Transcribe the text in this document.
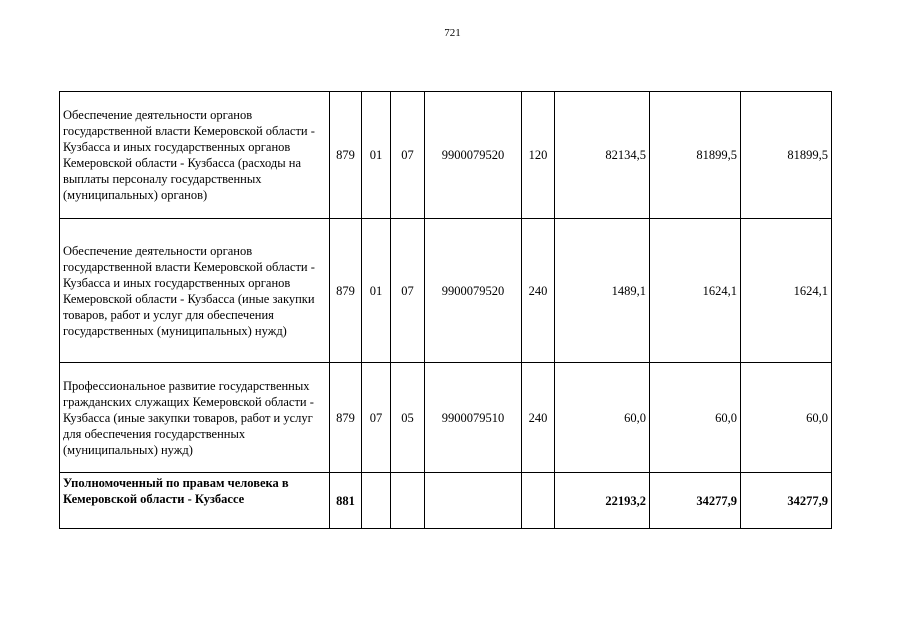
721
Обеспечение деятельности органов государственной власти Кемеровской области - Кузбасса и иных государственных органов Кемеровской области - Кузбасса (расходы на выплаты персоналу государственных (муниципальных) органов)	879	01	07	9900079520	120	82134,5	81899,5	81899,5
Обеспечение деятельности органов государственной власти Кемеровской области - Кузбасса и иных государственных органов Кемеровской области - Кузбасса (иные закупки товаров, работ и услуг для обеспечения государственных (муниципальных) нужд)	879	01	07	9900079520	240	1489,1	1624,1	1624,1
Профессиональное развитие государственных гражданских служащих Кемеровской области - Кузбасса (иные закупки товаров, работ и услуг для обеспечения государственных (муниципальных) нужд)	879	07	05	9900079510	240	60,0	60,0	60,0
Уполномоченный по правам человека в Кемеровской области - Кузбассе	881					22193,2	34277,9	34277,9
